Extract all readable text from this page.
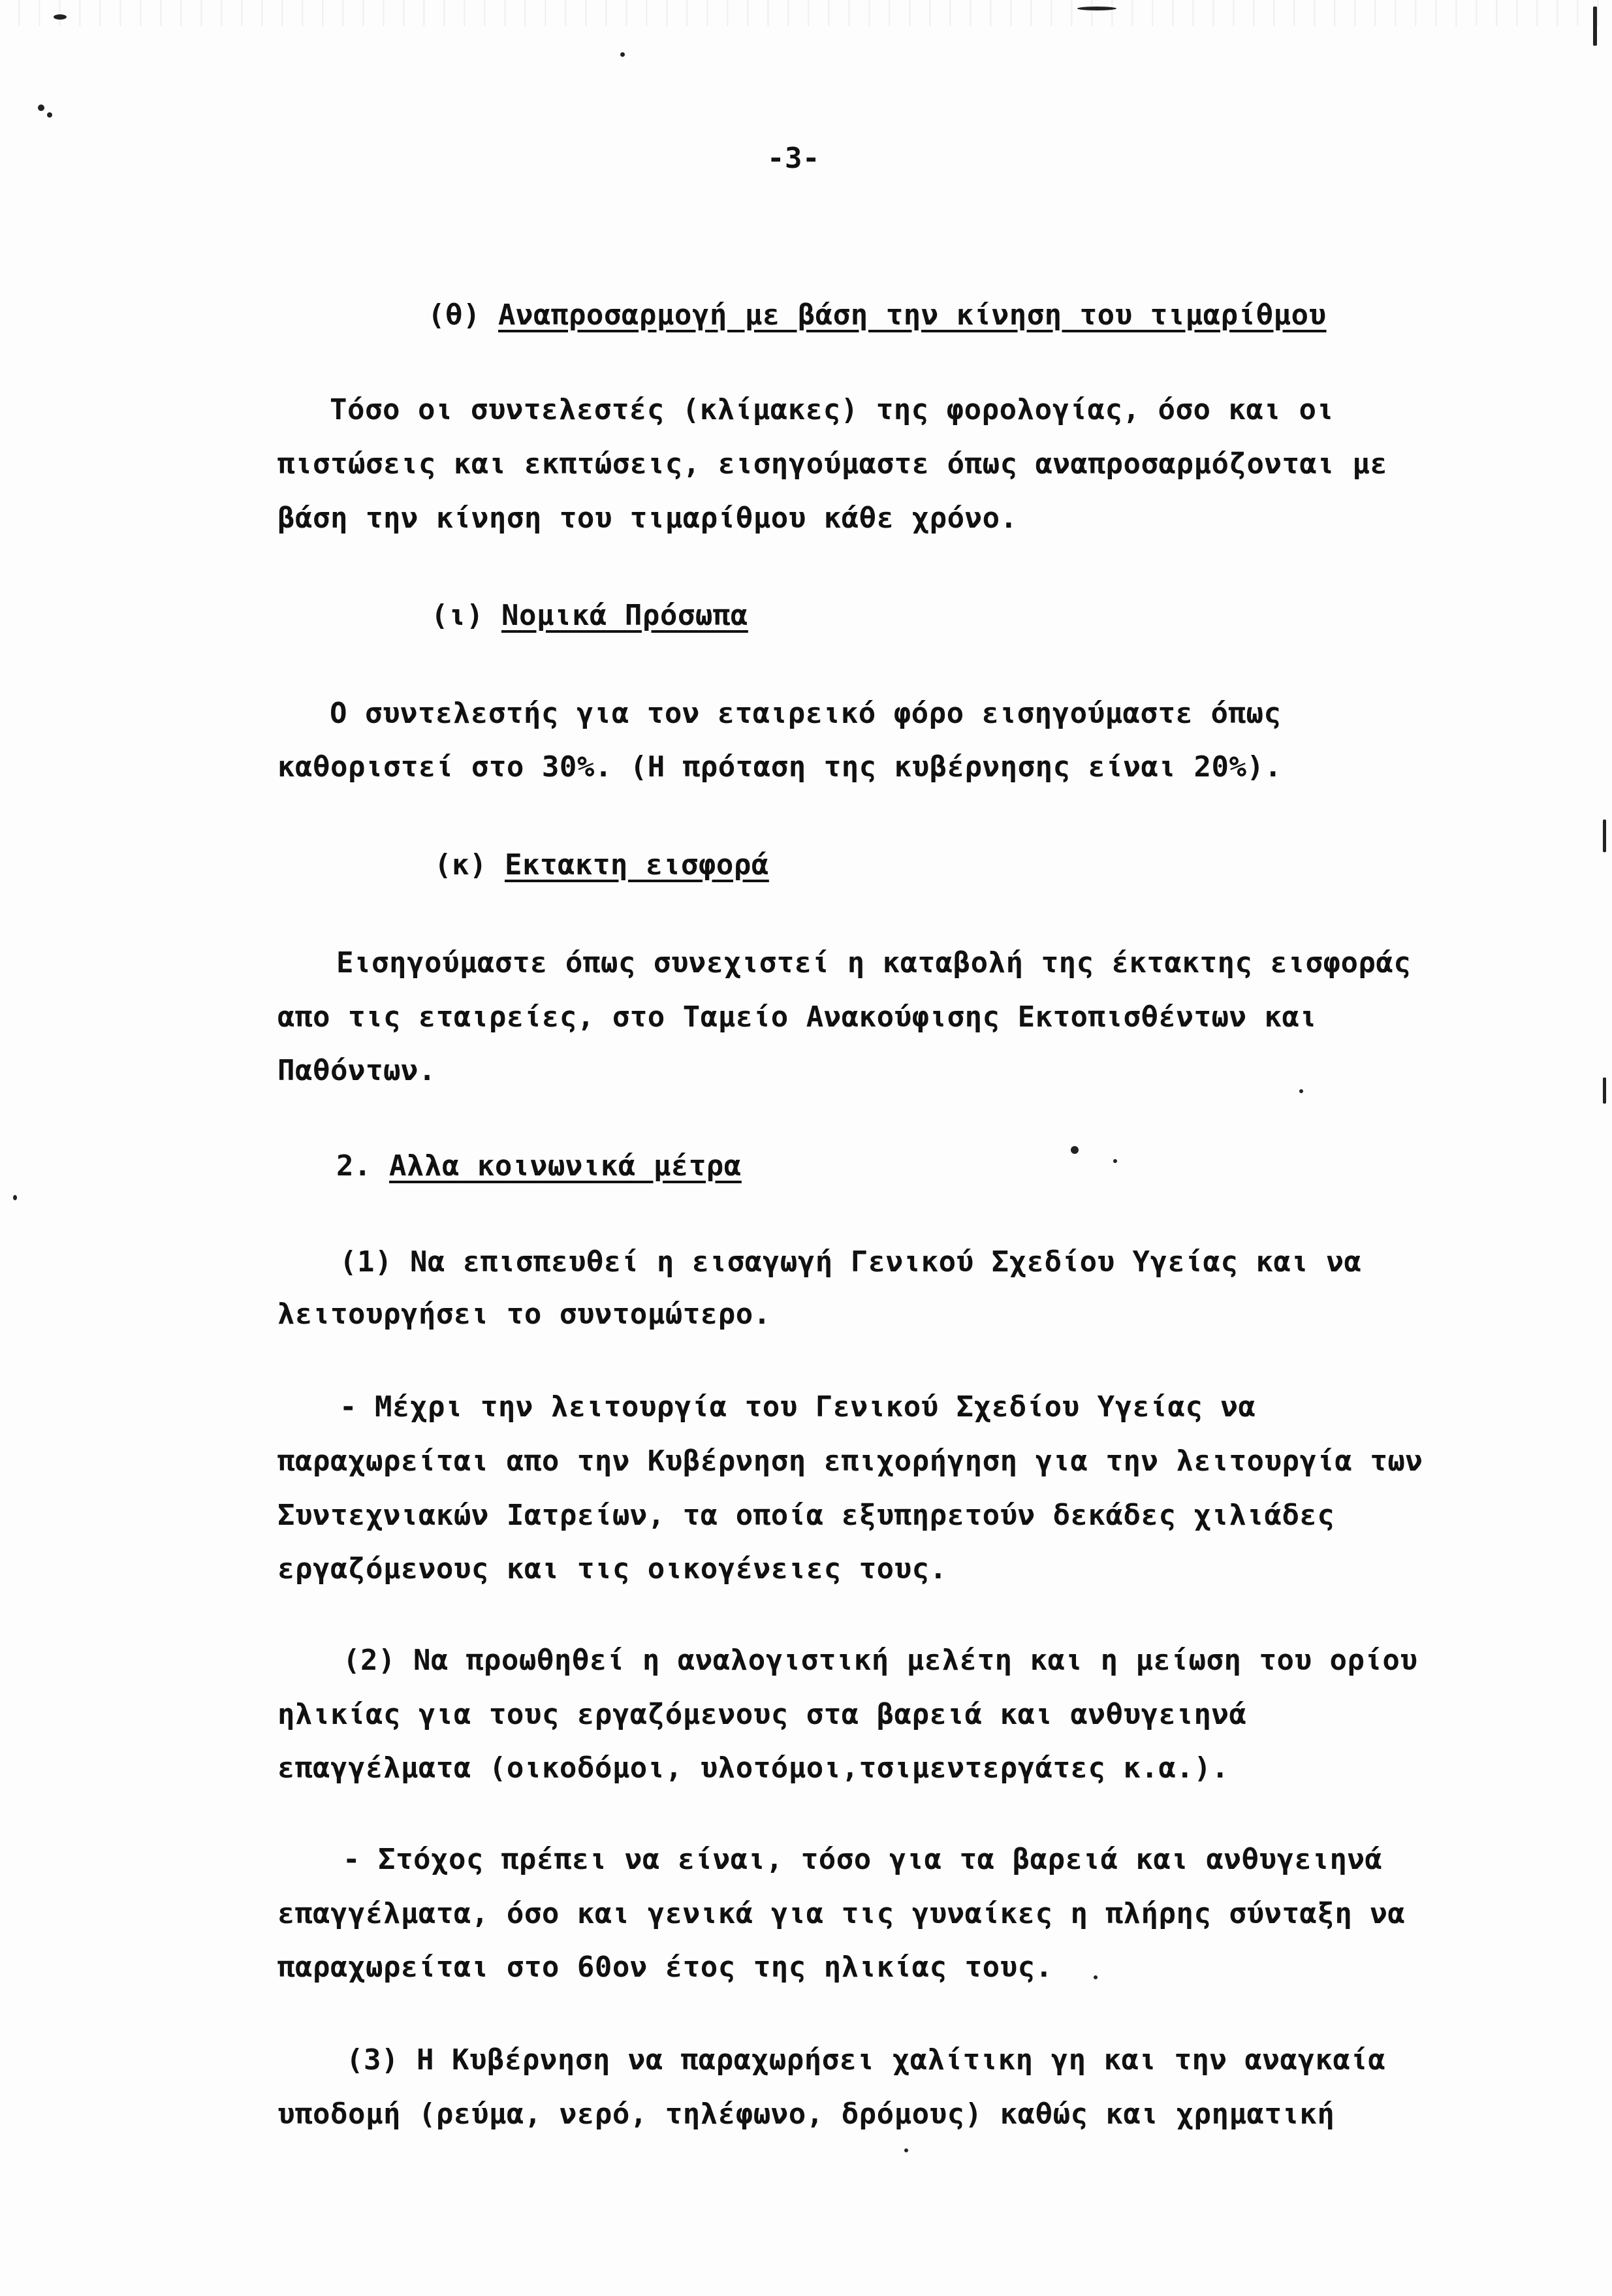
-3-
(θ) Αναπροσαρμογή με βάση την κίνηση του τιμαρίθμου
Τόσο οι συντελεστές (κλίμακες) της φορολογίας, όσο και οι
πιστώσεις και εκπτώσεις, εισηγούμαστε όπως αναπροσαρμόζονται με
βάση την κίνηση του τιμαρίθμου κάθε χρόνο.
(ι) Νομικά Πρόσωπα
Ο συντελεστής για τον εταιρεικό φόρο εισηγούμαστε όπως
καθοριστεί στο 30%. (Η πρόταση της κυβέρνησης είναι 20%).
(κ) Εκτακτη εισφορά
Εισηγούμαστε όπως συνεχιστεί η καταβολή της έκτακτης εισφοράς
απο τις εταιρείες, στο Ταμείο Ανακούφισης Εκτοπισθέντων και
Παθόντων.
2. Αλλα κοινωνικά μέτρα
(1) Να επισπευθεί η εισαγωγή Γενικού Σχεδίου Υγείας και να
λειτουργήσει το συντομώτερο.
- Μέχρι την λειτουργία του Γενικού Σχεδίου Υγείας να
παραχωρείται απο την Κυβέρνηση επιχορήγηση για την λειτουργία των
Συντεχνιακών Ιατρείων, τα οποία εξυπηρετούν δεκάδες χιλιάδες
εργαζόμενους και τις οικογένειες τους.
(2) Να προωθηθεί η αναλογιστική μελέτη και η μείωση του ορίου
ηλικίας για τους εργαζόμενους στα βαρειά και ανθυγειηνά
επαγγέλματα (οικοδόμοι, υλοτόμοι,τσιμεντεργάτες κ.α.).
- Στόχος πρέπει να είναι, τόσο για τα βαρειά και ανθυγειηνά
επαγγέλματα, όσο και γενικά για τις γυναίκες η πλήρης σύνταξη να
παραχωρείται στο 60ον έτος της ηλικίας τους.
(3) Η Κυβέρνηση να παραχωρήσει χαλίτικη γη και την αναγκαία
υποδομή (ρεύμα, νερό, τηλέφωνο, δρόμους) καθώς και χρηματική
